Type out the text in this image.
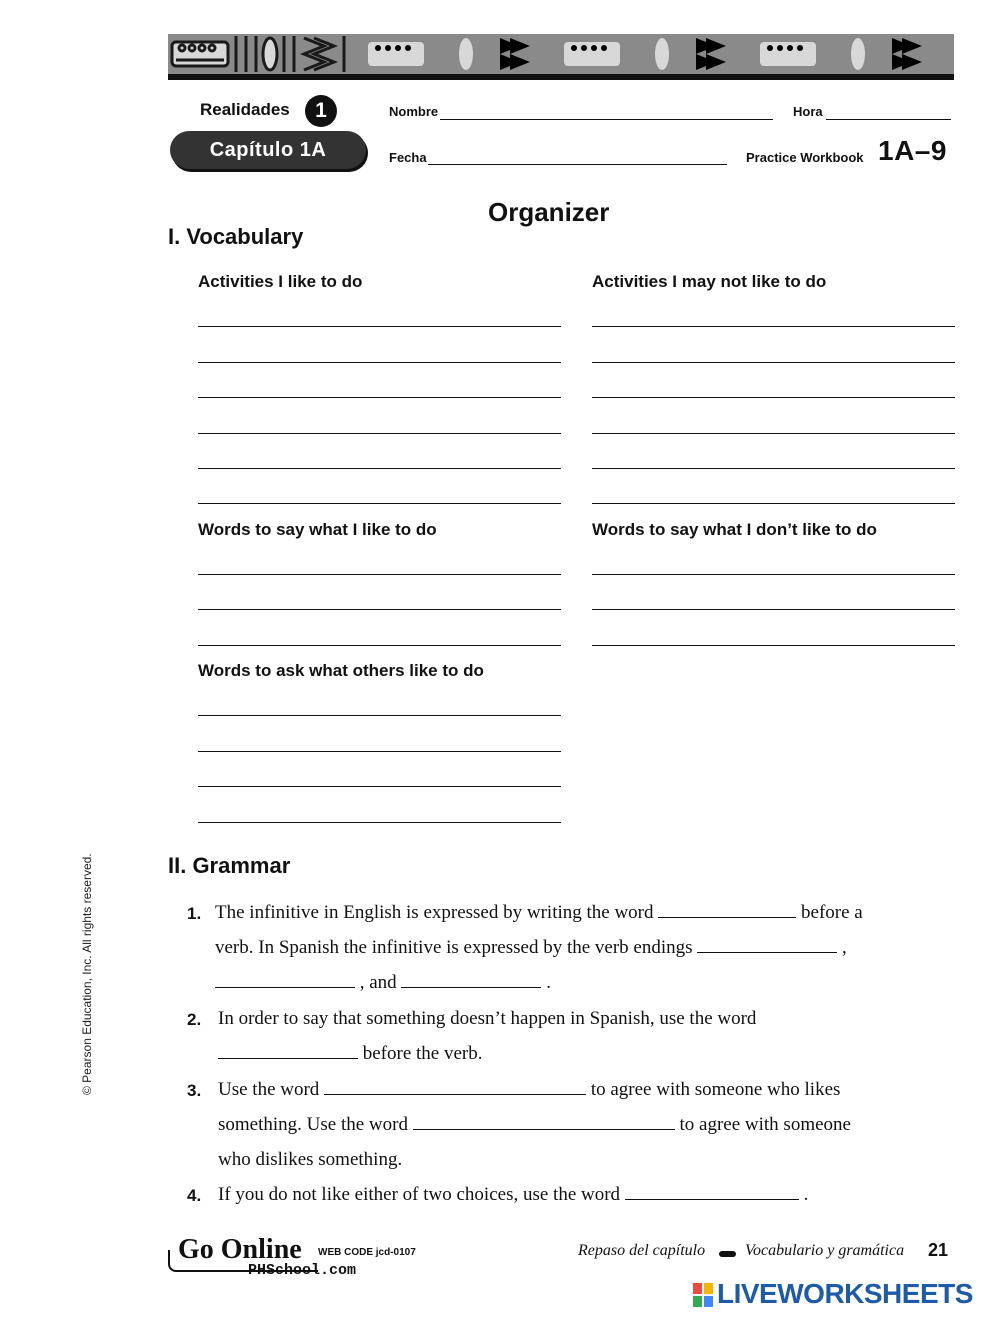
Realidades	1
Capítulo 1A
Nombre	Hora
Fecha	Practice Workbook 1A–9
Organizer
I. Vocabulary
Activities I like to do	Activities I may not like to do
Words to say what I like to do	Words to say what I don’t like to do
Words to ask what others like to do
II. Grammar
1. The infinitive in English is expressed by writing the word	before a
verb. In Spanish the infinitive is expressed by the verb endings	,
, and	.
2. In order to say that something doesn’t happen in Spanish, use the word
before the verb.
3. Use the word	to agree with someone who likes
something. Use the word	to agree with someone
who dislikes something.
4. If you do not like either of two choices, use the word	.
© Pearson Education, Inc. All rights reserved.
Go Online WEB CODE jcd-0107
PHSchool.com
Repaso del capítulo Vocabulario y gramática 21
LIVEWORKSHEETS
